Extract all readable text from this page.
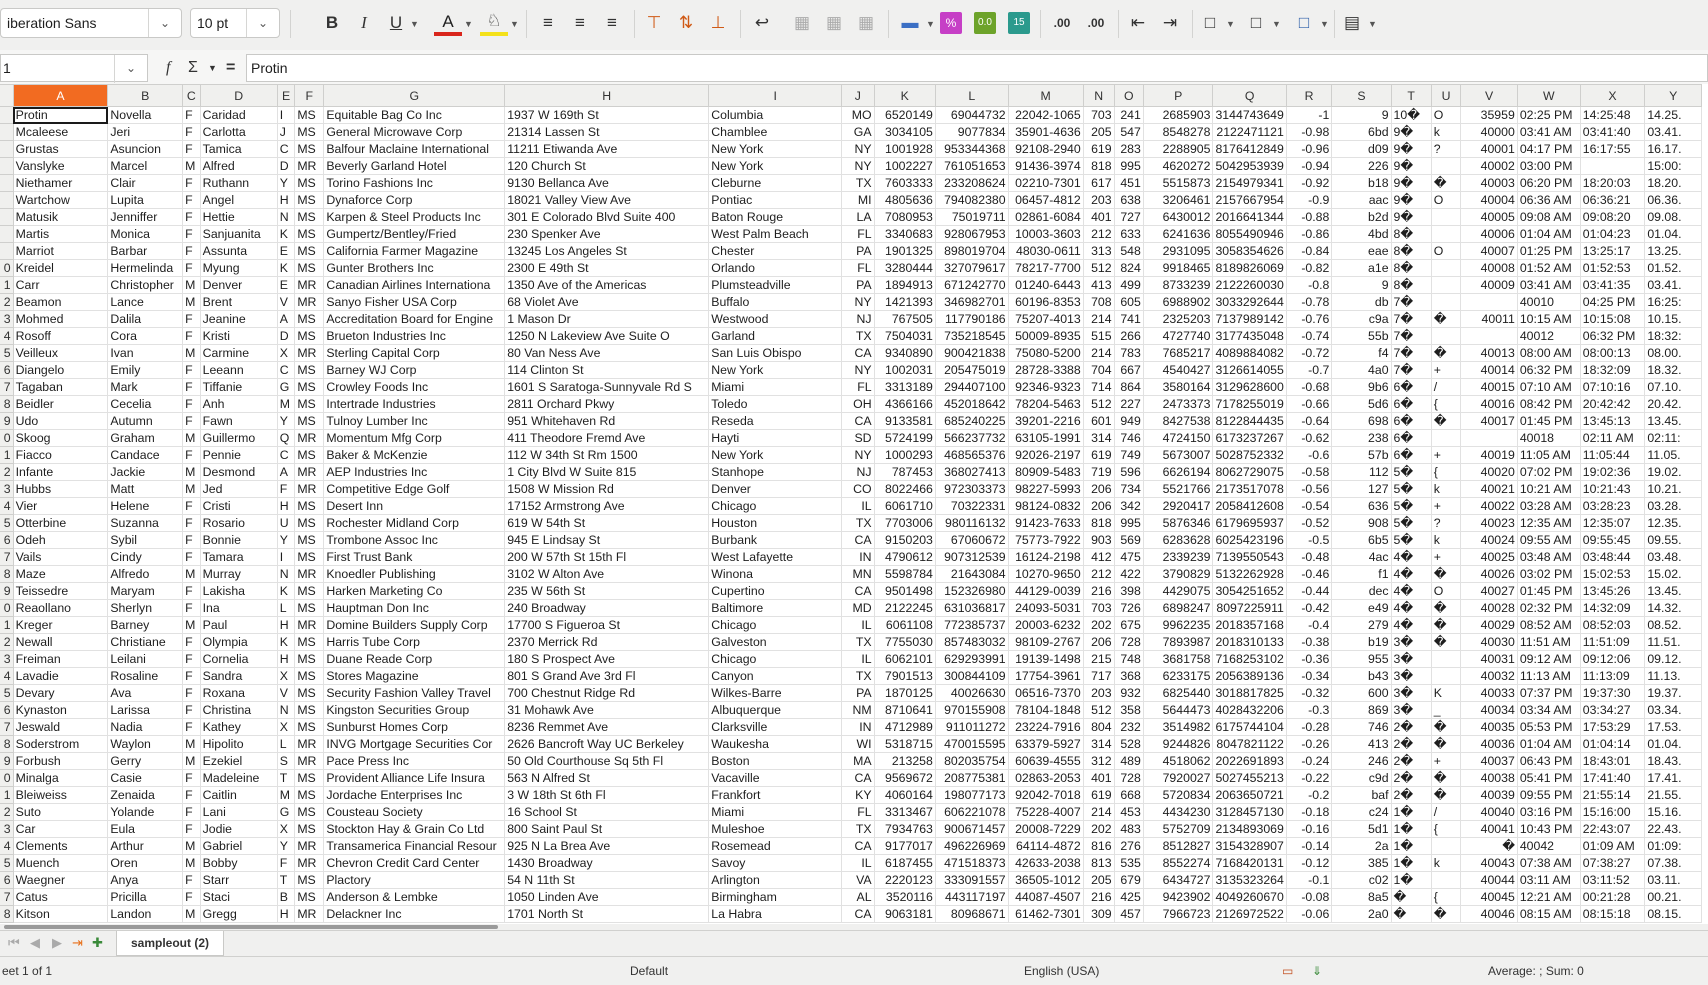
iberation Sans	⌄	10 pt	⌄	B	I	U ▼	A	▼ ♘ ▼	≡	≡	≡	⊤	⇅	⊥	↩	▦ ▦ ▦	▬ ▼ %	0.0	15	.00	.00	⇤	⇥	□	▼ □	▼	□	▼ ▤ ▼
1	⌄	f Σ ▼ =	Protin
	A	B	C	D	E	F	G	H	I	J	K	L	M	N	O	P	Q	R	S	T	U	V	W	X	Y
	Protin	Novella	F	Caridad	I	MS	Equitable Bag Co Inc	1937 W 169th St	Columbia	MO	6520149	69044732	22042-1065	703	241	2685903	3144743649	-1	9	10�	O	35959	02:25 PM	14:25:48	14.25.
	Mcaleese	Jeri	F	Carlotta	J	MS	General Microwave Corp	21314 Lassen St	Chamblee	GA	3034105	9077834	35901-4636	205	547	8548278	2122471121	-0.98	6bd	9�	k	40000	03:41 AM	03:41:40	03.41.
	Grustas	Asuncion	F	Tamica	C	MS	Balfour Maclaine International	11211 Etiwanda Ave	New York	NY	1001928	953344368	92108-2940	619	283	2288905	8176412849	-0.96	d09	9�	?	40001	04:17 PM	16:17:55	16.17.
	Vanslyke	Marcel	M	Alfred	D	MR	Beverly Garland Hotel	120 Church St	New York	NY	1002227	761051653	91436-3974	818	995	4620272	5042953939	-0.94	226	9�		40002	03:00 PM		15:00:
	Niethamer	Clair	F	Ruthann	Y	MS	Torino Fashions Inc	9130 Bellanca Ave	Cleburne	TX	7603333	233208624	02210-7301	617	451	5515873	2154979341	-0.92	b18	9�	�	40003	06:20 PM	18:20:03	18.20.
	Wartchow	Lupita	F	Angel	H	MS	Dynaforce Corp	18021 Valley View Ave	Pontiac	MI	4805636	794082380	06457-4812	203	638	3206461	2157667954	-0.9	aac	9�	O	40004	06:36 AM	06:36:21	06.36.
	Matusik	Jenniffer	F	Hettie	N	MS	Karpen & Steel Products Inc	301 E Colorado Blvd Suite 400	Baton Rouge	LA	7080953	75019711	02861-6084	401	727	6430012	2016641344	-0.88	b2d	9�		40005	09:08 AM	09:08:20	09.08.
	Martis	Monica	F	Sanjuanita	K	MS	Gumpertz/Bentley/Fried	230 Spenker Ave	West Palm Beach	FL	3340683	928067953	10003-3603	212	633	6241636	8055490946	-0.86	4bd	8�		40006	01:04 AM	01:04:23	01.04.
	Marriot	Barbar	F	Assunta	E	MS	California Farmer Magazine	13245 Los Angeles St	Chester	PA	1901325	898019704	48030-0611	313	548	2931095	3058354626	-0.84	eae	8�	O	40007	01:25 PM	13:25:17	13.25.
0	Kreidel	Hermelinda	F	Myung	K	MS	Gunter Brothers Inc	2300 E 49th St	Orlando	FL	3280444	327079617	78217-7700	512	824	9918465	8189826069	-0.82	a1e	8�		40008	01:52 AM	01:52:53	01.52.
1	Carr	Christopher	M	Denver	E	MR	Canadian Airlines Internationa	1350 Ave of the Americas	Plumsteadville	PA	1894913	671242770	01240-6443	413	499	8733239	2122260030	-0.8	9	8�		40009	03:41 AM	03:41:35	03.41.
2	Beamon	Lance	M	Brent	V	MR	Sanyo Fisher USA Corp	68 Violet Ave	Buffalo	NY	1421393	346982701	60196-8353	708	605	6988902	3033292644	-0.78	db	7�			40010	04:25 PM	16:25:
3	Mohmed	Dalila	F	Jeanine	A	MS	Accreditation Board for Engine	1 Mason Dr	Westwood	NJ	767505	117790186	75207-4013	214	741	2325203	7137989142	-0.76	c9a	7�	�	40011	10:15 AM	10:15:08	10.15.
4	Rosoff	Cora	F	Kristi	D	MS	Brueton Industries Inc	1250 N Lakeview Ave Suite O	Garland	TX	7504031	735218545	50009-8935	515	266	4727740	3177435048	-0.74	55b	7�			40012	06:32 PM	18:32:
5	Veilleux	Ivan	M	Carmine	X	MR	Sterling Capital Corp	80 Van Ness Ave	San Luis Obispo	CA	9340890	900421838	75080-5200	214	783	7685217	4089884082	-0.72	f4	7�	�	40013	08:00 AM	08:00:13	08.00.
6	Diangelo	Emily	F	Leeann	C	MS	Barney WJ Corp	114 Clinton St	New York	NY	1002031	205475019	28728-3388	704	667	4540427	3126614055	-0.7	4a0	7�	+	40014	06:32 PM	18:32:09	18.32.
7	Tagaban	Mark	F	Tiffanie	G	MS	Crowley Foods Inc	1601 S Saratoga-Sunnyvale Rd S	Miami	FL	3313189	294407100	92346-9323	714	864	3580164	3129628600	-0.68	9b6	6�	/	40015	07:10 AM	07:10:16	07.10.
8	Beidler	Cecelia	F	Anh	M	MS	Intertrade Industries	2811 Orchard Pkwy	Toledo	OH	4366166	452018642	78204-5463	512	227	2473373	7178255019	-0.66	5d6	6�	{	40016	08:42 PM	20:42:42	20.42.
9	Udo	Autumn	F	Fawn	Y	MS	Tulnoy Lumber Inc	951 Whitehaven Rd	Reseda	CA	9133581	685240225	39201-2216	601	949	8427538	8122844435	-0.64	698	6�	�	40017	01:45 PM	13:45:13	13.45.
0	Skoog	Graham	M	Guillermo	Q	MR	Momentum Mfg Corp	411 Theodore Fremd Ave	Hayti	SD	5724199	566237732	63105-1991	314	746	4724150	6173237267	-0.62	238	6�			40018	02:11 AM	02:11:
1	Fiacco	Candace	F	Pennie	C	MS	Baker & McKenzie	112 W 34th St Rm 1500	New York	NY	1000293	468565376	92026-2197	619	749	5673007	5028752332	-0.6	57b	6�	+	40019	11:05 AM	11:05:44	11.05.
2	Infante	Jackie	M	Desmond	A	MR	AEP Industries Inc	1 City Blvd W Suite 815	Stanhope	NJ	787453	368027413	80909-5483	719	596	6626194	8062729075	-0.58	112	5�	{	40020	07:02 PM	19:02:36	19.02.
3	Hubbs	Matt	M	Jed	F	MR	Competitive Edge Golf	1508 W Mission Rd	Denver	CO	8022466	972303373	98227-5993	206	734	5521766	2173517078	-0.56	127	5�	k	40021	10:21 AM	10:21:43	10.21.
4	Vier	Helene	F	Cristi	H	MS	Desert Inn	17152 Armstrong Ave	Chicago	IL	6061710	70322331	98124-0832	206	342	2920417	2058412608	-0.54	636	5�	+	40022	03:28 AM	03:28:23	03.28.
5	Otterbine	Suzanna	F	Rosario	U	MS	Rochester Midland Corp	619 W 54th St	Houston	TX	7703006	980116132	91423-7633	818	995	5876346	6179695937	-0.52	908	5�	?	40023	12:35 AM	12:35:07	12.35.
6	Odeh	Sybil	F	Bonnie	Y	MS	Trombone Assoc Inc	945 E Lindsay St	Burbank	CA	9150203	67060672	75773-7922	903	569	6283628	6025423196	-0.5	6b5	5�	k	40024	09:55 AM	09:55:45	09.55.
7	Vails	Cindy	F	Tamara	I	MS	First Trust Bank	200 W 57th St 15th Fl	West Lafayette	IN	4790612	907312539	16124-2198	412	475	2339239	7139550543	-0.48	4ac	4�	+	40025	03:48 AM	03:48:44	03.48.
8	Maze	Alfredo	M	Murray	N	MR	Knoedler Publishing	3102 W Alton Ave	Winona	MN	5598784	21643084	10270-9650	212	422	3790829	5132262928	-0.46	f1	4�	�	40026	03:02 PM	15:02:53	15.02.
9	Teissedre	Maryam	F	Lakisha	K	MS	Harken Marketing Co	235 W 56th St	Cupertino	CA	9501498	152326980	44129-0039	216	398	4429075	3054251652	-0.44	dec	4�	O	40027	01:45 PM	13:45:26	13.45.
0	Reaollano	Sherlyn	F	Ina	L	MS	Hauptman Don Inc	240 Broadway	Baltimore	MD	2122245	631036817	24093-5031	703	726	6898247	8097225911	-0.42	e49	4�	�	40028	02:32 PM	14:32:09	14.32.
1	Kreger	Barney	M	Paul	H	MR	Domine Builders Supply Corp	17700 S Figueroa St	Chicago	IL	6061108	772385737	20003-6232	202	675	9962235	2018357168	-0.4	279	4�	�	40029	08:52 AM	08:52:03	08.52.
2	Newall	Christiane	F	Olympia	K	MS	Harris Tube Corp	2370 Merrick Rd	Galveston	TX	7755030	857483032	98109-2767	206	728	7893987	2018310133	-0.38	b19	3�	�	40030	11:51 AM	11:51:09	11.51.
3	Freiman	Leilani	F	Cornelia	H	MS	Duane Reade Corp	180 S Prospect Ave	Chicago	IL	6062101	629293991	19139-1498	215	748	3681758	7168253102	-0.36	955	3�		40031	09:12 AM	09:12:06	09.12.
4	Lavadie	Rosaline	F	Sandra	X	MS	Stores Magazine	801 S Grand Ave 3rd Fl	Canyon	TX	7901513	300844109	17754-3961	717	368	6233175	2056389136	-0.34	b43	3�		40032	11:13 AM	11:13:09	11.13.
5	Devary	Ava	F	Roxana	V	MS	Security Fashion Valley Travel	700 Chestnut Ridge Rd	Wilkes-Barre	PA	1870125	40026630	06516-7370	203	932	6825440	3018817825	-0.32	600	3�	K	40033	07:37 PM	19:37:30	19.37.
6	Kynaston	Larissa	F	Christina	N	MS	Kingston Securities Group	31 Mohawk Ave	Albuquerque	NM	8710641	970155908	78104-1848	512	358	5644473	4028432206	-0.3	869	3�	_	40034	03:34 AM	03:34:27	03.34.
7	Jeswald	Nadia	F	Kathey	X	MS	Sunburst Homes Corp	8236 Remmet Ave	Clarksville	IN	4712989	911011272	23224-7916	804	232	3514982	6175744104	-0.28	746	2�	�	40035	05:53 PM	17:53:29	17.53.
8	Soderstrom	Waylon	M	Hipolito	L	MR	INVG Mortgage Securities Cor	2626 Bancroft Way UC Berkeley	Waukesha	WI	5318715	470015595	63379-5927	314	528	9244826	8047821122	-0.26	413	2�	�	40036	01:04 AM	01:04:14	01.04.
9	Forbush	Gerry	M	Ezekiel	S	MR	Pace Press Inc	50 Old Courthouse Sq 5th Fl	Boston	MA	213258	802035754	60639-4555	312	489	4518062	2022691893	-0.24	246	2�	+	40037	06:43 PM	18:43:01	18.43.
0	Minalga	Casie	F	Madeleine	T	MS	Provident Alliance Life Insura	563 N Alfred St	Vacaville	CA	9569672	208775381	02863-2053	401	728	7920027	5027455213	-0.22	c9d	2�	�	40038	05:41 PM	17:41:40	17.41.
1	Bleiweiss	Zenaida	F	Caitlin	M	MS	Jordache Enterprises Inc	3 W 18th St 6th Fl	Frankfort	KY	4060164	198077173	92042-7018	619	668	5720834	2063650721	-0.2	baf	2�	�	40039	09:55 PM	21:55:14	21.55.
2	Suto	Yolande	F	Lani	G	MS	Cousteau Society	16 School St	Miami	FL	3313467	606221078	75228-4007	214	453	4434230	3128457130	-0.18	c24	1�	/	40040	03:16 PM	15:16:00	15.16.
3	Car	Eula	F	Jodie	X	MS	Stockton Hay & Grain Co Ltd	800 Saint Paul St	Muleshoe	TX	7934763	900671457	20008-7229	202	483	5752709	2134893069	-0.16	5d1	1�	{	40041	10:43 PM	22:43:07	22.43.
4	Clements	Arthur	M	Gabriel	Y	MR	Transamerica Financial Resour	925 N La Brea Ave	Rosemead	CA	9177017	496226969	64114-4872	816	276	8512827	3154328907	-0.14	2a	1�		�	40042	01:09 AM	01:09:
5	Muench	Oren	M	Bobby	F	MR	Chevron Credit Card Center	1430 Broadway	Savoy	IL	6187455	471518373	42633-2038	813	535	8552274	7168420131	-0.12	385	1�	k	40043	07:38 AM	07:38:27	07.38.
6	Waegner	Anya	F	Starr	T	MS	Plactory	54 N 11th St	Arlington	VA	2220123	333091557	36505-1012	205	679	6434727	3135323264	-0.1	c02	1�		40044	03:11 AM	03:11:52	03.11.
7	Catus	Pricilla	F	Staci	B	MS	Anderson & Lembke	1050 Linden Ave	Birmingham	AL	3520116	443117197	44087-4507	216	425	9423902	4049260670	-0.08	8a5	�	{	40045	12:21 AM	00:21:28	00.21.
8	Kitson	Landon	M	Gregg	H	MR	Delackner Inc	1701 North St	La Habra	CA	9063181	80968671	61462-7301	309	457	7966723	2126972522	-0.06	2a0	�	�	40046	08:15 AM	08:15:18	08.15.
⏮ ◀ ▶ ⇥ ✚	sampleout (2)
eet 1 of 1	Default	English (USA)	▭ ⇓	Average: ; Sum: 0
